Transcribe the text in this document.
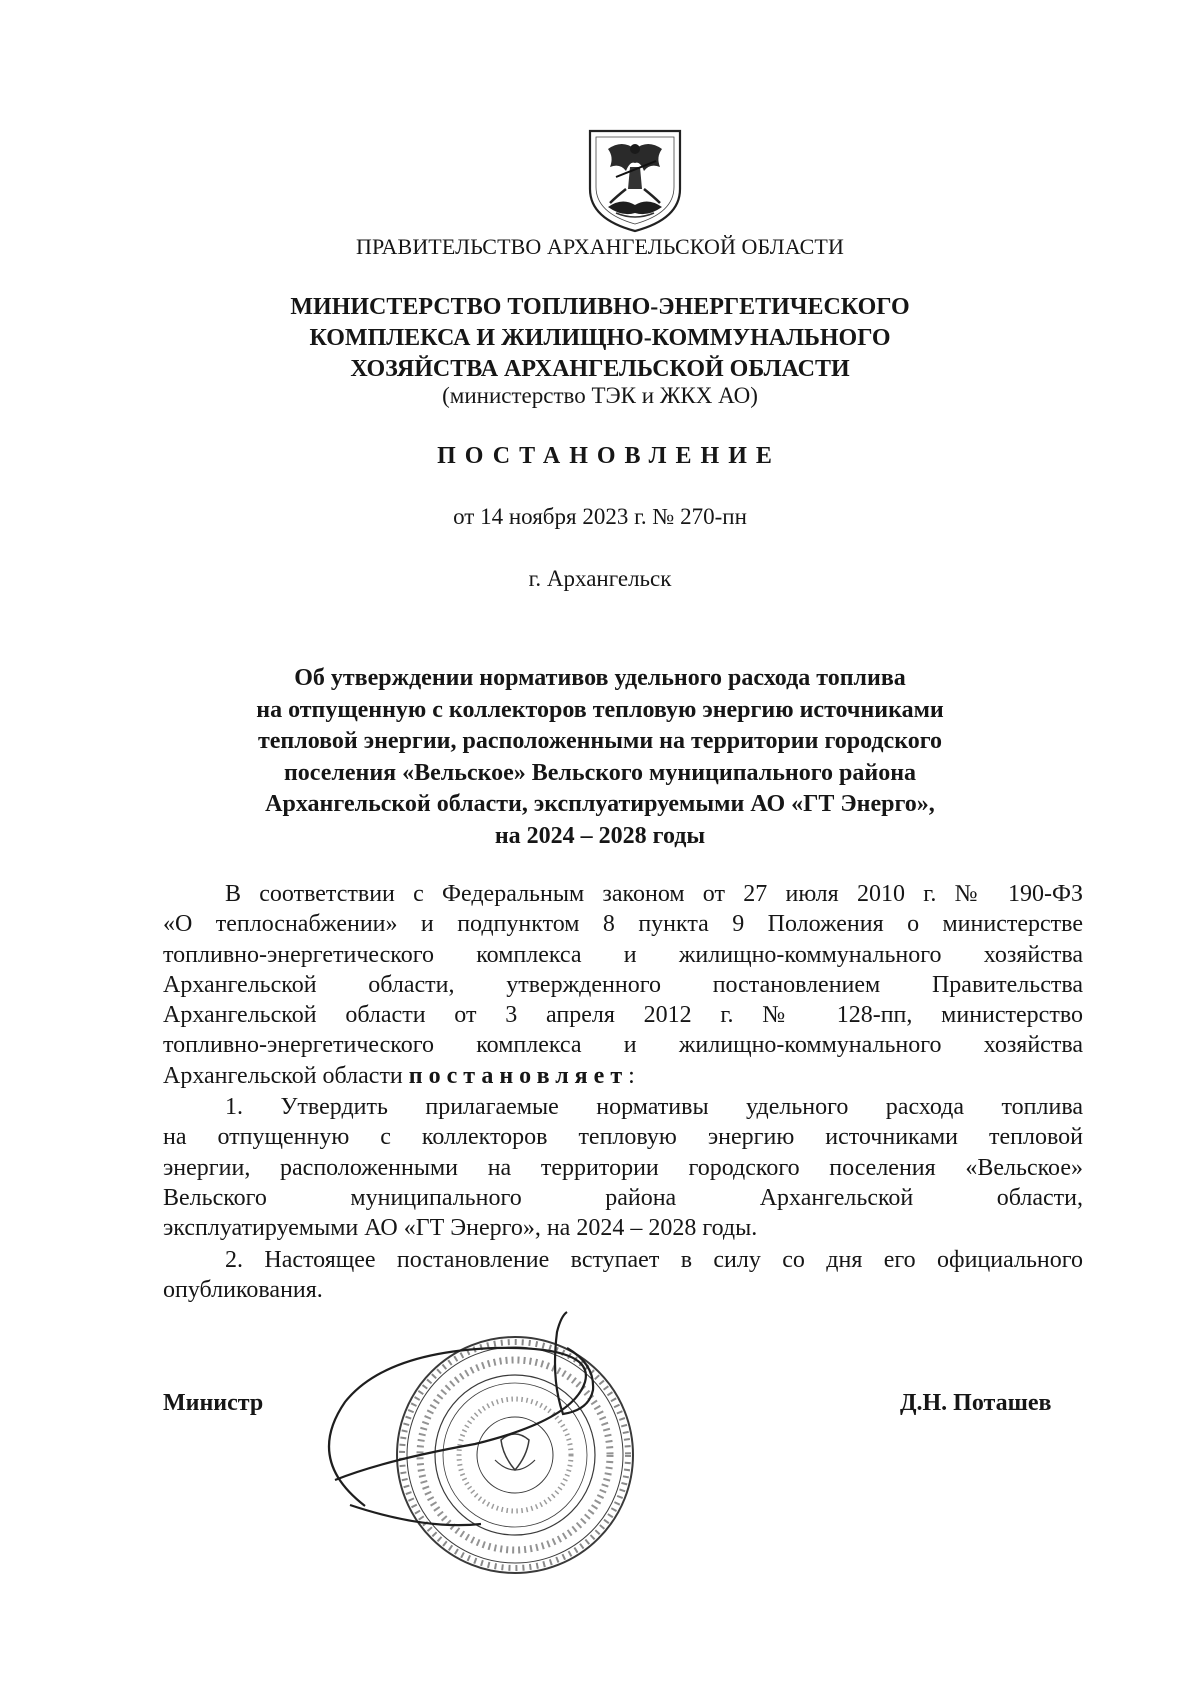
ПРАВИТЕЛЬСТВО АРХАНГЕЛЬСКОЙ ОБЛАСТИ
МИНИСТЕРСТВО ТОПЛИВНО-ЭНЕРГЕТИЧЕСКОГО
КОМПЛЕКСА И ЖИЛИЩНО-КОММУНАЛЬНОГО
ХОЗЯЙСТВА АРХАНГЕЛЬСКОЙ ОБЛАСТИ
(министерство ТЭК и ЖКХ АО)
ПОСТАНОВЛЕНИЕ
от 14 ноября 2023 г. № 270-пн
г. Архангельск
Об утверждении нормативов удельного расхода топлива
на отпущенную с коллекторов тепловую энергию источниками
тепловой энергии, расположенными на территории городского
поселения «Вельское» Вельского муниципального района
Архангельской области, эксплуатируемыми АО «ГТ Энерго»,
на 2024 – 2028 годы
В соответствии с Федеральным законом от 27 июля 2010 г. № 190-ФЗ
«О теплоснабжении» и подпунктом 8 пункта 9 Положения о министерстве
топливно-энергетического комплекса и жилищно-коммунального хозяйства
Архангельской области, утвержденного постановлением Правительства
Архангельской области от 3 апреля 2012 г. № 128-пп, министерство
топливно-энергетического комплекса и жилищно-коммунального хозяйства
Архангельской области постановляет:
1. Утвердить прилагаемые нормативы удельного расхода топлива
на отпущенную с коллекторов тепловую энергию источниками тепловой
энергии, расположенными на территории городского поселения «Вельское»
Вельского муниципального района Архангельской области,
эксплуатируемыми АО «ГТ Энерго», на 2024 – 2028 годы.
2. Настоящее постановление вступает в силу со дня его официального
опубликования.
Министр	Д.Н. Поташев
